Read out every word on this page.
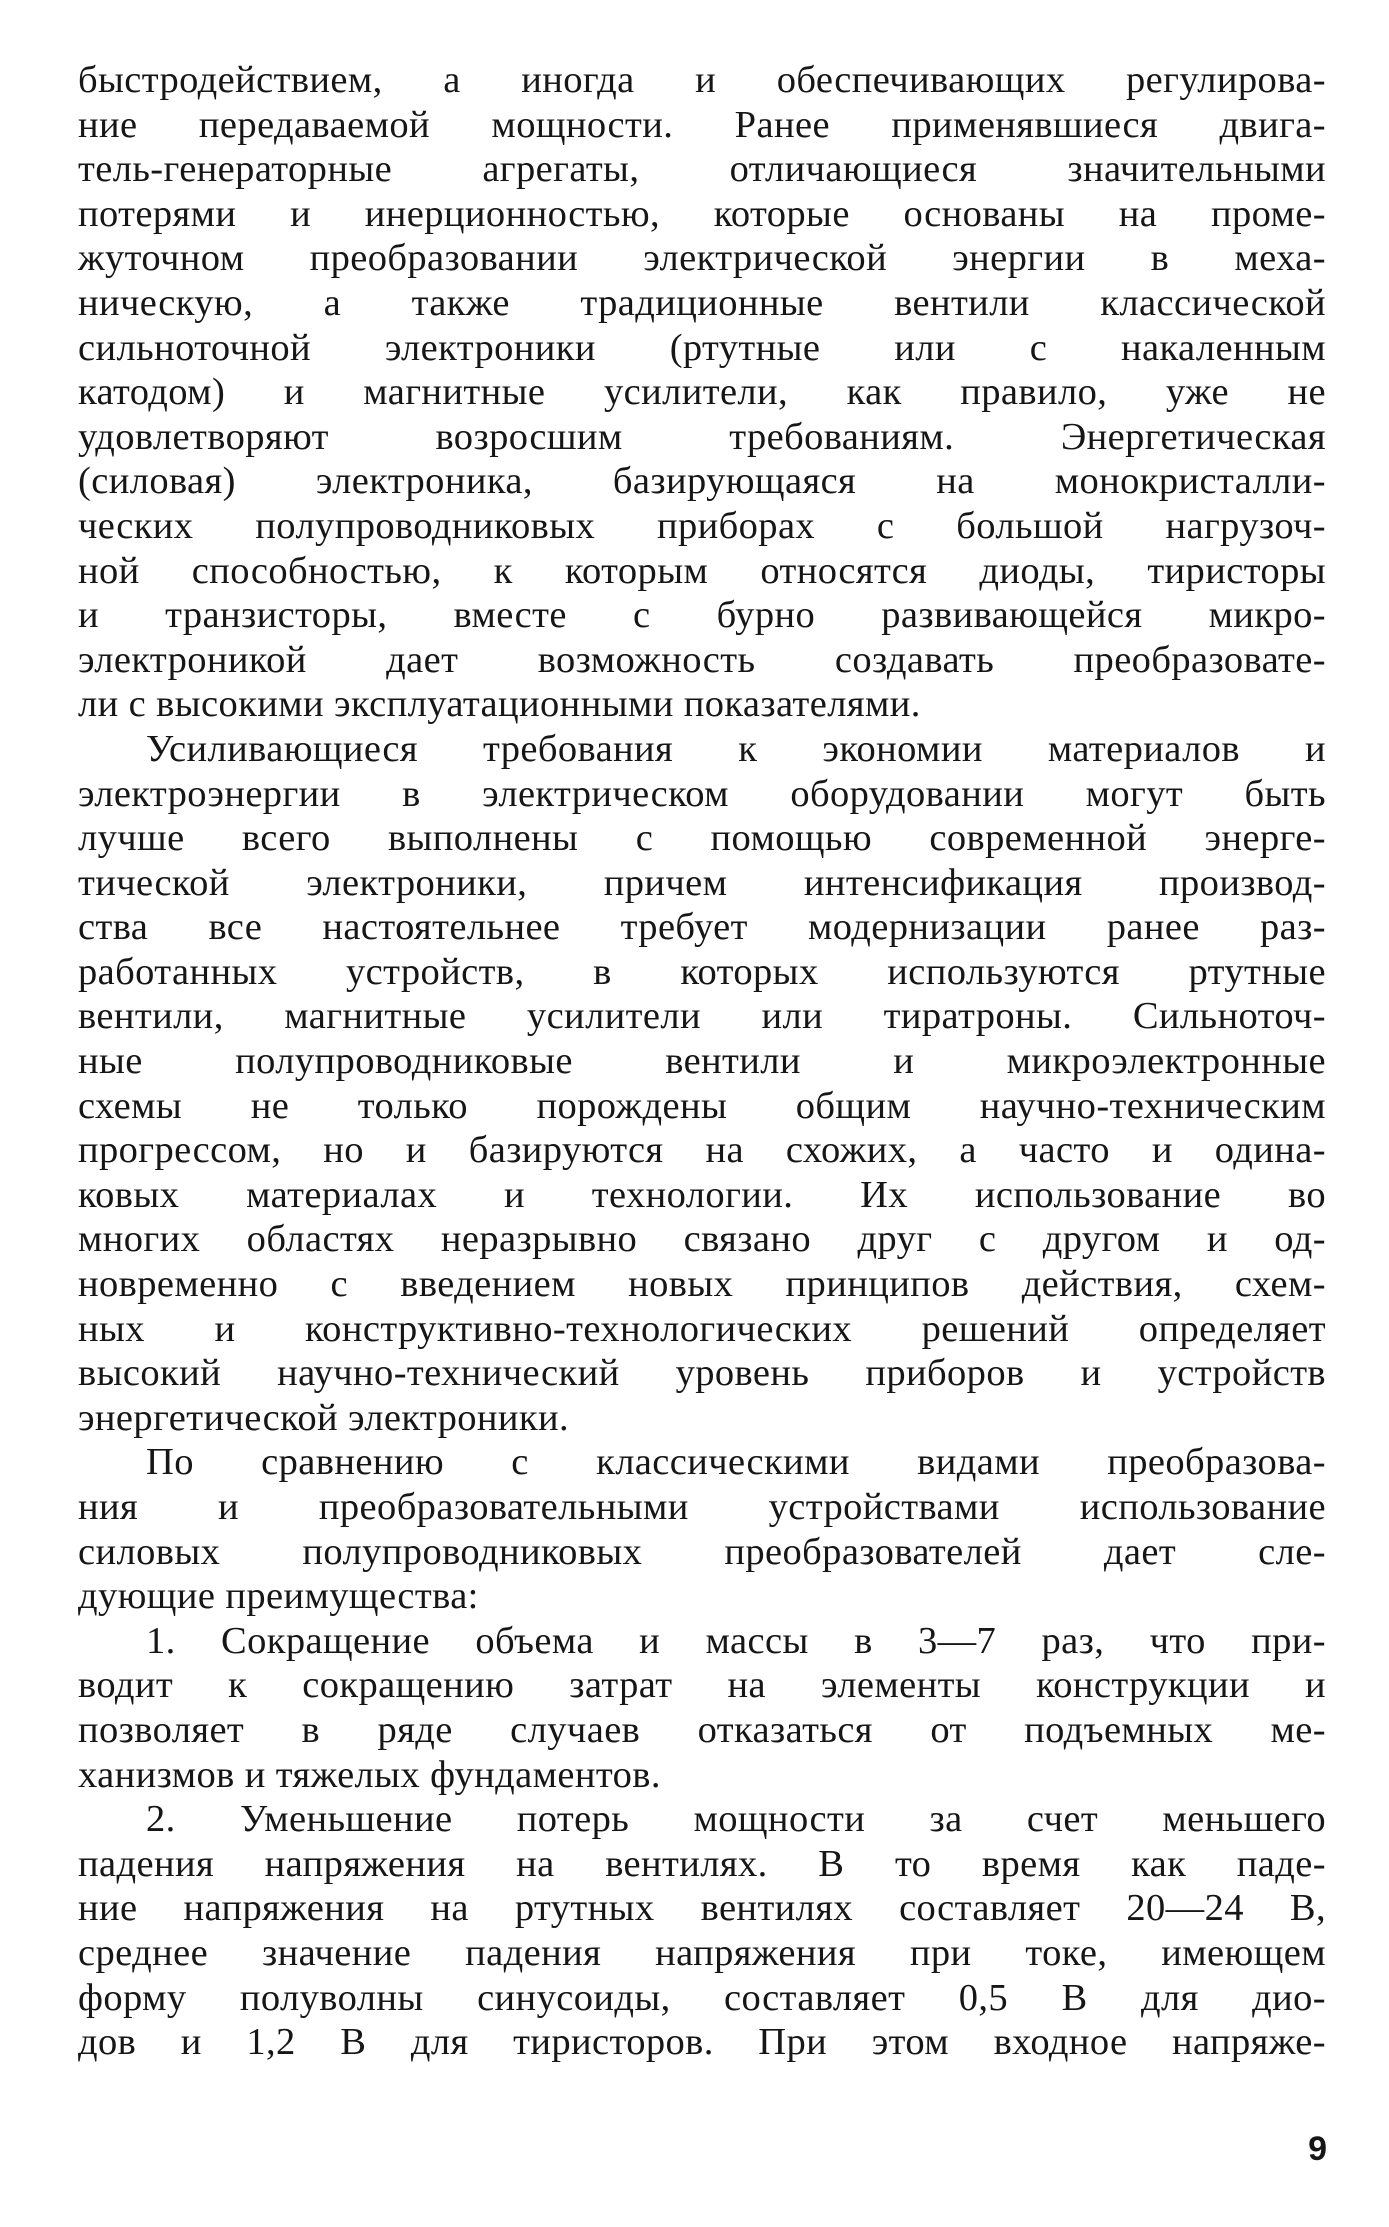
быстродействием, а иногда и обеспечивающих регулирова-
ние передаваемой мощности. Ранее применявшиеся двига-
тель-генераторные агрегаты, отличающиеся значительными
потерями и инерционностью, которые основаны на проме-
жуточном преобразовании электрической энергии в меха-
ническую, а также традиционные вентили классической
сильноточной электроники (ртутные или с накаленным
катодом) и магнитные усилители, как правило, уже не
удовлетворяют возросшим требованиям. Энергетическая
(силовая) электроника, базирующаяся на монокристалли-
ческих полупроводниковых приборах с большой нагрузоч-
ной способностью, к которым относятся диоды, тиристоры
и транзисторы, вместе с бурно развивающейся микро-
электроникой дает возможность создавать преобразовате-
ли с высокими эксплуатационными показателями.
Усиливающиеся требования к экономии материалов и
электроэнергии в электрическом оборудовании могут быть
лучше всего выполнены с помощью современной энерге-
тической электроники, причем интенсификация производ-
ства все настоятельнее требует модернизации ранее раз-
работанных устройств, в которых используются ртутные
вентили, магнитные усилители или тиратроны. Сильноточ-
ные полупроводниковые вентили и микроэлектронные
схемы не только порождены общим научно-техническим
прогрессом, но и базируются на схожих, а часто и одина-
ковых материалах и технологии. Их использование во
многих областях неразрывно связано друг с другом и од-
новременно с введением новых принципов действия, схем-
ных и конструктивно-технологических решений определяет
высокий научно-технический уровень приборов и устройств
энергетической электроники.
По сравнению с классическими видами преобразова-
ния и преобразовательными устройствами использование
силовых полупроводниковых преобразователей дает сле-
дующие преимущества:
1. Сокращение объема и массы в 3—7 раз, что при-
водит к сокращению затрат на элементы конструкции и
позволяет в ряде случаев отказаться от подъемных ме-
ханизмов и тяжелых фундаментов.
2. Уменьшение потерь мощности за счет меньшего
падения напряжения на вентилях. В то время как паде-
ние напряжения на ртутных вентилях составляет 20—24 В,
среднее значение падения напряжения при токе, имеющем
форму полуволны синусоиды, составляет 0,5 В для дио-
дов и 1,2 В для тиристоров. При этом входное напряже-
9
